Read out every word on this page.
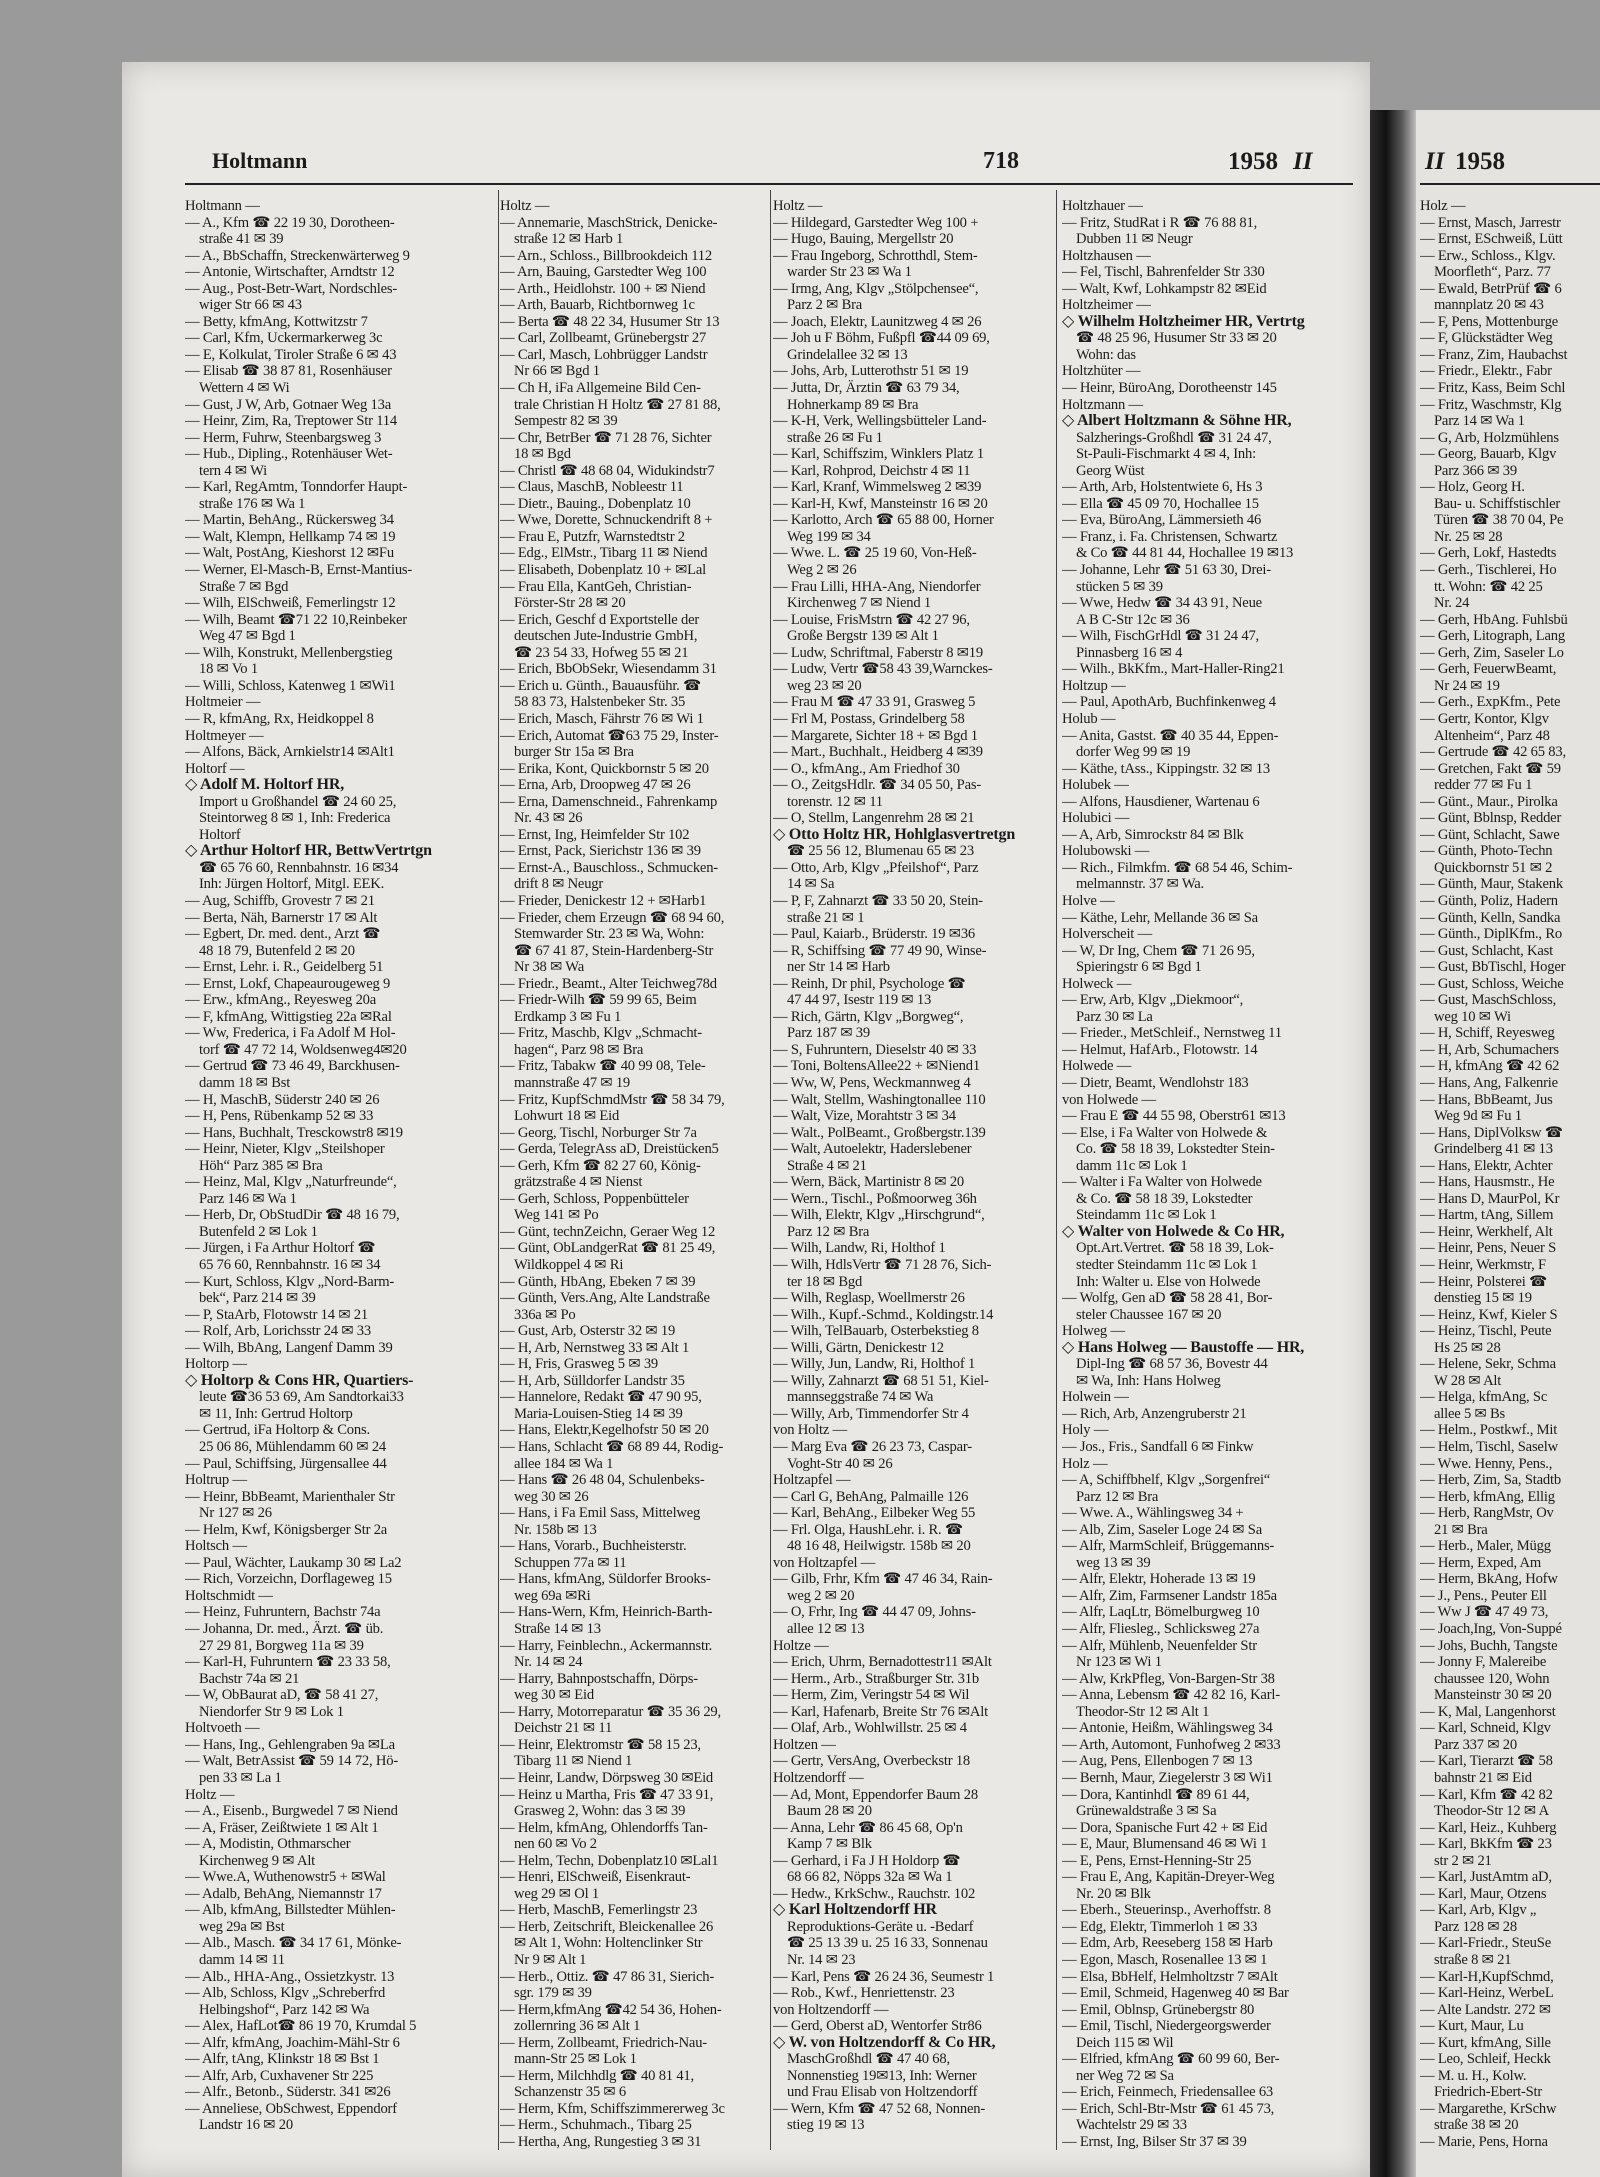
Holtmann	718	1958 II	II 1958
Holtmann —
— A., Kfm ☎ 22 19 30, Dorotheen-
straße 41 ✉ 39
— A., BbSchaffn, Streckenwärterweg 9
— Antonie, Wirtschafter, Arndtstr 12
— Aug., Post-Betr-Wart, Nordschles-
wiger Str 66 ✉ 43
— Betty, kfmAng, Kottwitzstr 7
— Carl, Kfm, Uckermarkerweg 3c
— E, Kolkulat, Tiroler Straße 6 ✉ 43
— Elisab ☎ 38 87 81, Rosenhäuser
Wettern 4 ✉ Wi
— Gust, J W, Arb, Gotnaer Weg 13a
— Heinr, Zim, Ra, Treptower Str 114
— Herm, Fuhrw, Steenbargsweg 3
— Hub., Dipling., Rotenhäuser Wet-
tern 4 ✉ Wi
— Karl, RegAmtm, Tonndorfer Haupt-
straße 176 ✉ Wa 1
— Martin, BehAng., Rückersweg 34
— Walt, Klempn, Hellkamp 74 ✉ 19
— Walt, PostAng, Kieshorst 12 ✉Fu
— Werner, El-Masch-B, Ernst-Mantius-
Straße 7 ✉ Bgd
— Wilh, ElSchweiß, Femerlingstr 12
— Wilh, Beamt ☎71 22 10,Reinbeker
Weg 47 ✉ Bgd 1
— Wilh, Konstrukt, Mellenbergstieg
18 ✉ Vo 1
— Willi, Schloss, Katenweg 1 ✉Wi1
Holtmeier —
— R, kfmAng, Rx, Heidkoppel 8
Holtmeyer —
— Alfons, Bäck, Arnkielstr14 ✉Alt1
Holtorf —
◇ Adolf M. Holtorf HR,
Import u Großhandel ☎ 24 60 25,
Steintorweg 8 ✉ 1, Inh: Frederica
Holtorf
◇ Arthur Holtorf HR, BettwVertrtgn
☎ 65 76 60, Rennbahnstr. 16 ✉34
Inh: Jürgen Holtorf, Mitgl. EEK.
— Aug, Schiffb, Grovestr 7 ✉ 21
— Berta, Näh, Barnerstr 17 ✉ Alt
— Egbert, Dr. med. dent., Arzt ☎
48 18 79, Butenfeld 2 ✉ 20
— Ernst, Lehr. i. R., Geidelberg 51
— Ernst, Lokf, Chapeaurougeweg 9
— Erw., kfmAng., Reyesweg 20a
— F, kfmAng, Wittigstieg 22a ✉Ral
— Ww, Frederica, i Fa Adolf M Hol-
torf ☎ 47 72 14, Woldsenweg4✉20
— Gertrud ☎ 73 46 49, Barckhusen-
damm 18 ✉ Bst
— H, MaschB, Süderstr 240 ✉ 26
— H, Pens, Rübenkamp 52 ✉ 33
— Hans, Buchhalt, Tresckowstr8 ✉19
— Heinr, Nieter, Klgv „Steilshoper
Höh“ Parz 385 ✉ Bra
— Heinz, Mal, Klgv „Naturfreunde“,
Parz 146 ✉ Wa 1
— Herb, Dr, ObStudDir ☎ 48 16 79,
Butenfeld 2 ✉ Lok 1
— Jürgen, i Fa Arthur Holtorf ☎
65 76 60, Rennbahnstr. 16 ✉ 34
— Kurt, Schloss, Klgv „Nord-Barm-
bek“, Parz 214 ✉ 39
— P, StaArb, Flotowstr 14 ✉ 21
— Rolf, Arb, Lorichsstr 24 ✉ 33
— Wilh, BbAng, Langenf Damm 39
Holtorp —
◇ Holtorp & Cons HR, Quartiers-
leute ☎36 53 69, Am Sandtorkai33
✉ 11, Inh: Gertrud Holtorp
— Gertrud, iFa Holtorp & Cons.
25 06 86, Mühlendamm 60 ✉ 24
— Paul, Schiffsing, Jürgensallee 44
Holtrup —
— Heinr, BbBeamt, Marienthaler Str
Nr 127 ✉ 26
— Helm, Kwf, Königsberger Str 2a
Holtsch —
— Paul, Wächter, Laukamp 30 ✉ La2
— Rich, Vorzeichn, Dorflageweg 15
Holtschmidt —
— Heinz, Fuhruntern, Bachstr 74a
— Johanna, Dr. med., Ärzt. ☎ üb.
27 29 81, Borgweg 11a ✉ 39
— Karl-H, Fuhruntern ☎ 23 33 58,
Bachstr 74a ✉ 21
— W, ObBaurat aD, ☎ 58 41 27,
Niendorfer Str 9 ✉ Lok 1
Holtvoeth —
— Hans, Ing., Gehlengraben 9a ✉La
— Walt, BetrAssist ☎ 59 14 72, Hö-
pen 33 ✉ La 1
Holtz —
— A., Eisenb., Burgwedel 7 ✉ Niend
— A, Fräser, Zeißtwiete 1 ✉ Alt 1
— A, Modistin, Othmarscher
Kirchenweg 9 ✉ Alt
— Wwe.A, Wuthenowstr5 + ✉Wal
— Adalb, BehAng, Niemannstr 17
— Alb, kfmAng, Billstedter Mühlen-
weg 29a ✉ Bst
— Alb., Masch. ☎ 34 17 61, Mönke-
damm 14 ✉ 11
— Alb., HHA-Ang., Ossietzkystr. 13
— Alb, Schloss, Klgv „Schreberfrd
Helbingshof“, Parz 142 ✉ Wa
— Alex, HafLot☎ 86 19 70, Krumdal 5
— Alfr, kfmAng, Joachim-Mähl-Str 6
— Alfr, tAng, Klinkstr 18 ✉ Bst 1
— Alfr, Arb, Cuxhavener Str 225
— Alfr., Betonb., Süderstr. 341 ✉26
— Anneliese, ObSchwest, Eppendorf
Landstr 16 ✉ 20
Holtz —
— Annemarie, MaschStrick, Denicke-
straße 12 ✉ Harb 1
— Arn., Schloss., Billbrookdeich 112
— Arn, Bauing, Garstedter Weg 100
— Arth., Heidlohstr. 100 + ✉ Niend
— Arth, Bauarb, Richtbornweg 1c
— Berta ☎ 48 22 34, Husumer Str 13
— Carl, Zollbeamt, Grünebergstr 27
— Carl, Masch, Lohbrügger Landstr
Nr 66 ✉ Bgd 1
— Ch H, iFa Allgemeine Bild Cen-
trale Christian H Holtz ☎ 27 81 88,
Sempestr 82 ✉ 39
— Chr, BetrBer ☎ 71 28 76, Sichter
18 ✉ Bgd
— Christl ☎ 48 68 04, Widukindstr7
— Claus, MaschB, Nobleestr 11
— Dietr., Bauing., Dobenplatz 10
— Wwe, Dorette, Schnuckendrift 8 +
— Frau E, Putzfr, Warnstedtstr 2
— Edg., ElMstr., Tibarg 11 ✉ Niend
— Elisabeth, Dobenplatz 10 + ✉Lal
— Frau Ella, KantGeh, Christian-
Förster-Str 28 ✉ 20
— Erich, Geschf d Exportstelle der
deutschen Jute-Industrie GmbH,
☎ 23 54 33, Hofweg 55 ✉ 21
— Erich, BbObSekr, Wiesendamm 31
— Erich u. Günth., Bauausführ. ☎
58 83 73, Halstenbeker Str. 35
— Erich, Masch, Fährstr 76 ✉ Wi 1
— Erich, Automat ☎63 75 29, Inster-
burger Str 15a ✉ Bra
— Erika, Kont, Quickbornstr 5 ✉ 20
— Erna, Arb, Droopweg 47 ✉ 26
— Erna, Damenschneid., Fahrenkamp
Nr. 43 ✉ 26
— Ernst, Ing, Heimfelder Str 102
— Ernst, Pack, Sierichstr 136 ✉ 39
— Ernst-A., Bauschloss., Schmucken-
drift 8 ✉ Neugr
— Frieder, Denickestr 12 + ✉Harb1
— Frieder, chem Erzeugn ☎ 68 94 60,
Stemwarder Str. 23 ✉ Wa, Wohn:
☎ 67 41 87, Stein-Hardenberg-Str
Nr 38 ✉ Wa
— Friedr., Beamt., Alter Teichweg78d
— Friedr-Wilh ☎ 59 99 65, Beim
Erdkamp 3 ✉ Fu 1
— Fritz, Maschb, Klgv „Schmacht-
hagen“, Parz 98 ✉ Bra
— Fritz, Tabakw ☎ 40 99 08, Tele-
mannstraße 47 ✉ 19
— Fritz, KupfSchmdMstr ☎ 58 34 79,
Lohwurt 18 ✉ Eid
— Georg, Tischl, Norburger Str 7a
— Gerda, TelegrAss aD, Dreistücken5
— Gerh, Kfm ☎ 82 27 60, König-
grätzstraße 4 ✉ Nienst
— Gerh, Schloss, Poppenbütteler
Weg 141 ✉ Po
— Günt, technZeichn, Geraer Weg 12
— Günt, ObLandgerRat ☎ 81 25 49,
Wildkoppel 4 ✉ Ri
— Günth, HbAng, Ebeken 7 ✉ 39
— Günth, Vers.Ang, Alte Landstraße
336a ✉ Po
— Gust, Arb, Osterstr 32 ✉ 19
— H, Arb, Nernstweg 33 ✉ Alt 1
— H, Fris, Grasweg 5 ✉ 39
— H, Arb, Sülldorfer Landstr 35
— Hannelore, Redakt ☎ 47 90 95,
Maria-Louisen-Stieg 14 ✉ 39
— Hans, Elektr,Kegelhofstr 50 ✉ 20
— Hans, Schlacht ☎ 68 89 44, Rodig-
allee 184 ✉ Wa 1
— Hans ☎ 26 48 04, Schulenbeks-
weg 30 ✉ 26
— Hans, i Fa Emil Sass, Mittelweg
Nr. 158b ✉ 13
— Hans, Vorarb., Buchheisterstr.
Schuppen 77a ✉ 11
— Hans, kfmAng, Süldorfer Brooks-
weg 69a ✉Ri
— Hans-Wern, Kfm, Heinrich-Barth-
Straße 14 ✉ 13
— Harry, Feinblechn., Ackermannstr.
Nr. 14 ✉ 24
— Harry, Bahnpostschaffn, Dörps-
weg 30 ✉ Eid
— Harry, Motorreparatur ☎ 35 36 29,
Deichstr 21 ✉ 11
— Heinr, Elektromstr ☎ 58 15 23,
Tibarg 11 ✉ Niend 1
— Heinr, Landw, Dörpsweg 30 ✉Eid
— Heinz u Martha, Fris ☎ 47 33 91,
Grasweg 2, Wohn: das 3 ✉ 39
— Helm, kfmAng, Ohlendorffs Tan-
nen 60 ✉ Vo 2
— Helm, Techn, Dobenplatz10 ✉Lal1
— Henri, ElSchweiß, Eisenkraut-
weg 29 ✉ Ol 1
— Herb, MaschB, Femerlingstr 23
— Herb, Zeitschrift, Bleickenallee 26
✉ Alt 1, Wohn: Holtenclinker Str
Nr 9 ✉ Alt 1
— Herb., Ottiz. ☎ 47 86 31, Sierich-
sgr. 179 ✉ 39
— Herm,kfmAng ☎42 54 36, Hohen-
zollernring 36 ✉ Alt 1
— Herm, Zollbeamt, Friedrich-Nau-
mann-Str 25 ✉ Lok 1
— Herm, Milchhdlg ☎ 40 81 41,
Schanzenstr 35 ✉ 6
— Herm, Kfm, Schiffszimmererweg 3c
— Herm., Schuhmach., Tibarg 25
— Hertha, Ang, Rungestieg 3 ✉ 31
Holtz —
— Hildegard, Garstedter Weg 100 +
— Hugo, Bauing, Mergellstr 20
— Frau Ingeborg, Schrotthdl, Stem-
warder Str 23 ✉ Wa 1
— Irmg, Ang, Klgv „Stölpchensee“,
Parz 2 ✉ Bra
— Joach, Elektr, Launitzweg 4 ✉ 26
— Joh u F Böhm, Fußpfl ☎44 09 69,
Grindelallee 32 ✉ 13
— Johs, Arb, Lutterothstr 51 ✉ 19
— Jutta, Dr, Ärztin ☎ 63 79 34,
Hohnerkamp 89 ✉ Bra
— K-H, Verk, Wellingsbütteler Land-
straße 26 ✉ Fu 1
— Karl, Schiffszim, Winklers Platz 1
— Karl, Rohprod, Deichstr 4 ✉ 11
— Karl, Kranf, Wimmelsweg 2 ✉39
— Karl-H, Kwf, Mansteinstr 16 ✉ 20
— Karlotto, Arch ☎ 65 88 00, Horner
Weg 199 ✉ 34
— Wwe. L. ☎ 25 19 60, Von-Heß-
Weg 2 ✉ 26
— Frau Lilli, HHA-Ang, Niendorfer
Kirchenweg 7 ✉ Niend 1
— Louise, FrisMstrn ☎ 42 27 96,
Große Bergstr 139 ✉ Alt 1
— Ludw, Schriftmal, Faberstr 8 ✉19
— Ludw, Vertr ☎58 43 39,Warnckes-
weg 23 ✉ 20
— Frau M ☎ 47 33 91, Grasweg 5
— Frl M, Postass, Grindelberg 58
— Margarete, Sichter 18 + ✉ Bgd 1
— Mart., Buchhalt., Heidberg 4 ✉39
— O., kfmAng., Am Friedhof 30
— O., ZeitgsHdlr. ☎ 34 05 50, Pas-
torenstr. 12 ✉ 11
— O, Stellm, Langenrehm 28 ✉ 21
◇ Otto Holtz HR, Hohlglasvertretgn
☎ 25 56 12, Blumenau 65 ✉ 23
— Otto, Arb, Klgv „Pfeilshof“, Parz
14 ✉ Sa
— P, F, Zahnarzt ☎ 33 50 20, Stein-
straße 21 ✉ 1
— Paul, Kaiarb., Brüderstr. 19 ✉36
— R, Schiffsing ☎ 77 49 90, Winse-
ner Str 14 ✉ Harb
— Reinh, Dr phil, Psychologe ☎
47 44 97, Isestr 119 ✉ 13
— Rich, Gärtn, Klgv „Borgweg“,
Parz 187 ✉ 39
— S, Fuhruntern, Dieselstr 40 ✉ 33
— Toni, BoltensAllee22 + ✉Niend1
— Ww, W, Pens, Weckmannweg 4
— Walt, Stellm, Washingtonallee 110
— Walt, Vize, Morahtstr 3 ✉ 34
— Walt., PolBeamt., Großbergstr.139
— Walt, Autoelektr, Haderslebener
Straße 4 ✉ 21
— Wern, Bäck, Martinistr 8 ✉ 20
— Wern., Tischl., Poßmoorweg 36h
— Wilh, Elektr, Klgv „Hirschgrund“,
Parz 12 ✉ Bra
— Wilh, Landw, Ri, Holthof 1
— Wilh, HdlsVertr ☎ 71 28 76, Sich-
ter 18 ✉ Bgd
— Wilh, Reglasp, Woellmerstr 26
— Wilh., Kupf.-Schmd., Koldingstr.14
— Wilh, TelBauarb, Osterbekstieg 8
— Willi, Gärtn, Denickestr 12
— Willy, Jun, Landw, Ri, Holthof 1
— Willy, Zahnarzt ☎ 68 51 51, Kiel-
mannseggstraße 74 ✉ Wa
— Willy, Arb, Timmendorfer Str 4
von Holtz —
— Marg Eva ☎ 26 23 73, Caspar-
Voght-Str 40 ✉ 26
Holtzapfel —
— Carl G, BehAng, Palmaille 126
— Karl, BehAng., Eilbeker Weg 55
— Frl. Olga, HaushLehr. i. R. ☎
48 16 48, Heilwigstr. 158b ✉ 20
von Holtzapfel —
— Gilb, Frhr, Kfm ☎ 47 46 34, Rain-
weg 2 ✉ 20
— O, Frhr, Ing ☎ 44 47 09, Johns-
allee 12 ✉ 13
Holtze —
— Erich, Uhrm, Bernadottestr11 ✉Alt
— Herm., Arb., Straßburger Str. 31b
— Herm, Zim, Veringstr 54 ✉ Wil
— Karl, Hafenarb, Breite Str 76 ✉Alt
— Olaf, Arb., Wohlwillstr. 25 ✉ 4
Holtzen —
— Gertr, VersAng, Overbeckstr 18
Holtzendorff —
— Ad, Mont, Eppendorfer Baum 28
Baum 28 ✉ 20
— Anna, Lehr ☎ 86 45 68, Op'n
Kamp 7 ✉ Blk
— Gerhard, i Fa J H Holdorp ☎
68 66 82, Nöpps 32a ✉ Wa 1
— Hedw., KrkSchw., Rauchstr. 102
◇ Karl Holtzendorff HR
Reproduktions-Geräte u. -Bedarf
☎ 25 13 39 u. 25 16 33, Sonnenau
Nr. 14 ✉ 23
— Karl, Pens ☎ 26 24 36, Seumestr 1
— Rob., Kwf., Henriettenstr. 23
von Holtzendorff —
— Gerd, Oberst aD, Wentorfer Str86
◇ W. von Holtzendorff & Co HR,
MaschGroßhdl ☎ 47 40 68,
Nonnenstieg 19✉13, Inh: Werner
und Frau Elisab von Holtzendorff
— Wern, Kfm ☎ 47 52 68, Nonnen-
stieg 19 ✉ 13
Holtzhauer —
— Fritz, StudRat i R ☎ 76 88 81,
Dubben 11 ✉ Neugr
Holtzhausen —
— Fel, Tischl, Bahrenfelder Str 330
— Walt, Kwf, Lohkampstr 82 ✉Eid
Holtzheimer —
◇ Wilhelm Holtzheimer HR, Vertrtg
☎ 48 25 96, Husumer Str 33 ✉ 20
Wohn: das
Holtzhüter —
— Heinr, BüroAng, Dorotheenstr 145
Holtzmann —
◇ Albert Holtzmann & Söhne HR,
Salzherings-Großhdl ☎ 31 24 47,
St-Pauli-Fischmarkt 4 ✉ 4, Inh:
Georg Wüst
— Arth, Arb, Holstentwiete 6, Hs 3
— Ella ☎ 45 09 70, Hochallee 15
— Eva, BüroAng, Lämmersieth 46
— Franz, i. Fa. Christensen, Schwartz
& Co ☎ 44 81 44, Hochallee 19 ✉13
— Johanne, Lehr ☎ 51 63 30, Drei-
stücken 5 ✉ 39
— Wwe, Hedw ☎ 34 43 91, Neue
A B C-Str 12c ✉ 36
— Wilh, FischGrHdl ☎ 31 24 47,
Pinnasberg 16 ✉ 4
— Wilh., BkKfm., Mart-Haller-Ring21
Holtzup —
— Paul, ApothArb, Buchfinkenweg 4
Holub —
— Anita, Gastst. ☎ 40 35 44, Eppen-
dorfer Weg 99 ✉ 19
— Käthe, tAss., Kippingstr. 32 ✉ 13
Holubek —
— Alfons, Hausdiener, Wartenau 6
Holubici —
— A, Arb, Simrockstr 84 ✉ Blk
Holubowski —
— Rich., Filmkfm. ☎ 68 54 46, Schim-
melmannstr. 37 ✉ Wa.
Holve —
— Käthe, Lehr, Mellande 36 ✉ Sa
Holverscheit —
— W, Dr Ing, Chem ☎ 71 26 95,
Spieringstr 6 ✉ Bgd 1
Holweck —
— Erw, Arb, Klgv „Diekmoor“,
Parz 30 ✉ La
— Frieder., MetSchleif., Nernstweg 11
— Helmut, HafArb., Flotowstr. 14
Holwede —
— Dietr, Beamt, Wendlohstr 183
von Holwede —
— Frau E ☎ 44 55 98, Oberstr61 ✉13
— Else, i Fa Walter von Holwede &
Co. ☎ 58 18 39, Lokstedter Stein-
damm 11c ✉ Lok 1
— Walter i Fa Walter von Holwede
& Co. ☎ 58 18 39, Lokstedter
Steindamm 11c ✉ Lok 1
◇ Walter von Holwede & Co HR,
Opt.Art.Vertret. ☎ 58 18 39, Lok-
stedter Steindamm 11c ✉ Lok 1
Inh: Walter u. Else von Holwede
— Wolfg, Gen aD ☎ 58 28 41, Bor-
steler Chaussee 167 ✉ 20
Holweg —
◇ Hans Holweg — Baustoffe — HR,
Dipl-Ing ☎ 68 57 36, Bovestr 44
✉ Wa, Inh: Hans Holweg
Holwein —
— Rich, Arb, Anzengruberstr 21
Holy —
— Jos., Fris., Sandfall 6 ✉ Finkw
Holz —
— A, Schiffbhelf, Klgv „Sorgenfrei“
Parz 12 ✉ Bra
— Wwe. A., Wählingsweg 34 +
— Alb, Zim, Saseler Loge 24 ✉ Sa
— Alfr, MarmSchleif, Brüggemanns-
weg 13 ✉ 39
— Alfr, Elektr, Hoherade 13 ✉ 19
— Alfr, Zim, Farmsener Landstr 185a
— Alfr, LaqLtr, Bömelburgweg 10
— Alfr, Fliesleg., Schlicksweg 27a
— Alfr, Mühlenb, Neuenfelder Str
Nr 123 ✉ Wi 1
— Alw, KrkPfleg, Von-Bargen-Str 38
— Anna, Lebensm ☎ 42 82 16, Karl-
Theodor-Str 12 ✉ Alt 1
— Antonie, Heißm, Wählingsweg 34
— Arth, Automont, Funhofweg 2 ✉33
— Aug, Pens, Ellenbogen 7 ✉ 13
— Bernh, Maur, Ziegelerstr 3 ✉ Wi1
— Dora, Kantinhdl ☎ 89 61 44,
Grünewaldstraße 3 ✉ Sa
— Dora, Spanische Furt 42 + ✉ Eid
— E, Maur, Blumensand 46 ✉ Wi 1
— E, Pens, Ernst-Henning-Str 25
— Frau E, Ang, Kapitän-Dreyer-Weg
Nr. 20 ✉ Blk
— Eberh., Steuerinsp., Averhoffstr. 8
— Edg, Elektr, Timmerloh 1 ✉ 33
— Edm, Arb, Reeseberg 158 ✉ Harb
— Egon, Masch, Rosenallee 13 ✉ 1
— Elsa, BbHelf, Helmholtzstr 7 ✉Alt
— Emil, Schmeid, Hagenweg 40 ✉ Bar
— Emil, Oblnsp, Grünebergstr 80
— Emil, Tischl, Niedergeorgswerder
Deich 115 ✉ Wil
— Elfried, kfmAng ☎ 60 99 60, Ber-
ner Weg 72 ✉ Sa
— Erich, Feinmech, Friedensallee 63
— Erich, Schl-Btr-Mstr ☎ 61 45 73,
Wachtelstr 29 ✉ 33
— Ernst, Ing, Bilser Str 37 ✉ 39
Holz —
— Ernst, Masch, Jarrestr
— Ernst, ESchweiß, Lütt
— Erw., Schloss., Klgv.
Moorfleth“, Parz. 77
— Ewald, BetrPrüf ☎ 6
mannplatz 20 ✉ 43
— F, Pens, Mottenburge
— F, Glückstädter Weg
— Franz, Zim, Haubachst
— Friedr., Elektr., Fabr
— Fritz, Kass, Beim Schl
— Fritz, Waschmstr, Klg
Parz 14 ✉ Wa 1
— G, Arb, Holzmühlens
— Georg, Bauarb, Klgv
Parz 366 ✉ 39
— Holz, Georg H.
Bau- u. Schiffstischler
Türen ☎ 38 70 04, Pe
Nr. 25 ✉ 28
— Gerh, Lokf, Hastedts
— Gerh., Tischlerei, Ho
tt. Wohn: ☎ 42 25
Nr. 24
— Gerh, HbAng. Fuhlsbü
— Gerh, Litograph, Lang
— Gerh, Zim, Saseler Lo
— Gerh, FeuerwBeamt,
Nr 24 ✉ 19
— Gerh., ExpKfm., Pete
— Gertr, Kontor, Klgv
Altenheim“, Parz 48
— Gertrude ☎ 42 65 83,
— Gretchen, Fakt ☎ 59
redder 77 ✉ Fu 1
— Günt., Maur., Pirolka
— Günt, Bblnsp, Redder
— Günt, Schlacht, Sawe
— Günth, Photo-Techn
Quickbornstr 51 ✉ 2
— Günth, Maur, Stakenk
— Günth, Poliz, Hadern
— Günth, Kelln, Sandka
— Günth., DiplKfm., Ro
— Gust, Schlacht, Kast
— Gust, BbTischl, Hoger
— Gust, Schloss, Weiche
— Gust, MaschSchloss,
weg 10 ✉ Wi
— H, Schiff, Reyesweg
— H, Arb, Schumachers
— H, kfmAng ☎ 42 62
— Hans, Ang, Falkenrie
— Hans, BbBeamt, Jus
Weg 9d ✉ Fu 1
— Hans, DiplVolksw ☎
Grindelberg 41 ✉ 13
— Hans, Elektr, Achter
— Hans, Hausmstr., He
— Hans D, MaurPol, Kr
— Hartm, tAng, Sillem
— Heinr, Werkhelf, Alt
— Heinr, Pens, Neuer S
— Heinr, Werkmstr, F
— Heinr, Polsterei ☎
denstieg 15 ✉ 19
— Heinz, Kwf, Kieler S
— Heinz, Tischl, Peute
Hs 25 ✉ 28
— Helene, Sekr, Schma
W 28 ✉ Alt
— Helga, kfmAng, Sc
allee 5 ✉ Bs
— Helm., Postkwf., Mit
— Helm, Tischl, Saselw
— Wwe. Henny, Pens.,
— Herb, Zim, Sa, Stadtb
— Herb, kfmAng, Ellig
— Herb, RangMstr, Ov
21 ✉ Bra
— Herb., Maler, Mügg
— Herm, Exped, Am
— Herm, BkAng, Hofw
— J., Pens., Peuter Ell
— Ww J ☎ 47 49 73,
— Joach,Ing, Von-Suppé
— Johs, Buchh, Tangste
— Jonny F, Malereibe
chaussee 120, Wohn
Mansteinstr 30 ✉ 20
— K, Mal, Langenhorst
— Karl, Schneid, Klgv
Parz 337 ✉ 20
— Karl, Tierarzt ☎ 58
bahnstr 21 ✉ Eid
— Karl, Kfm ☎ 42 82
Theodor-Str 12 ✉ A
— Karl, Heiz., Kuhberg
— Karl, BkKfm ☎ 23
str 2 ✉ 21
— Karl, JustAmtm aD,
— Karl, Maur, Otzens
— Karl, Arb, Klgv „
Parz 128 ✉ 28
— Karl-Friedr., SteuSe
straße 8 ✉ 21
— Karl-H,KupfSchmd,
— Karl-Heinz, WerbeL
— Alte Landstr. 272 ✉
— Kurt, Maur, Lu
— Kurt, kfmAng, Sille
— Leo, Schleif, Heckk
— M. u. H., Kolw.
Friedrich-Ebert-Str
— Margarethe, KrSchw
straße 38 ✉ 20
— Marie, Pens, Horna
